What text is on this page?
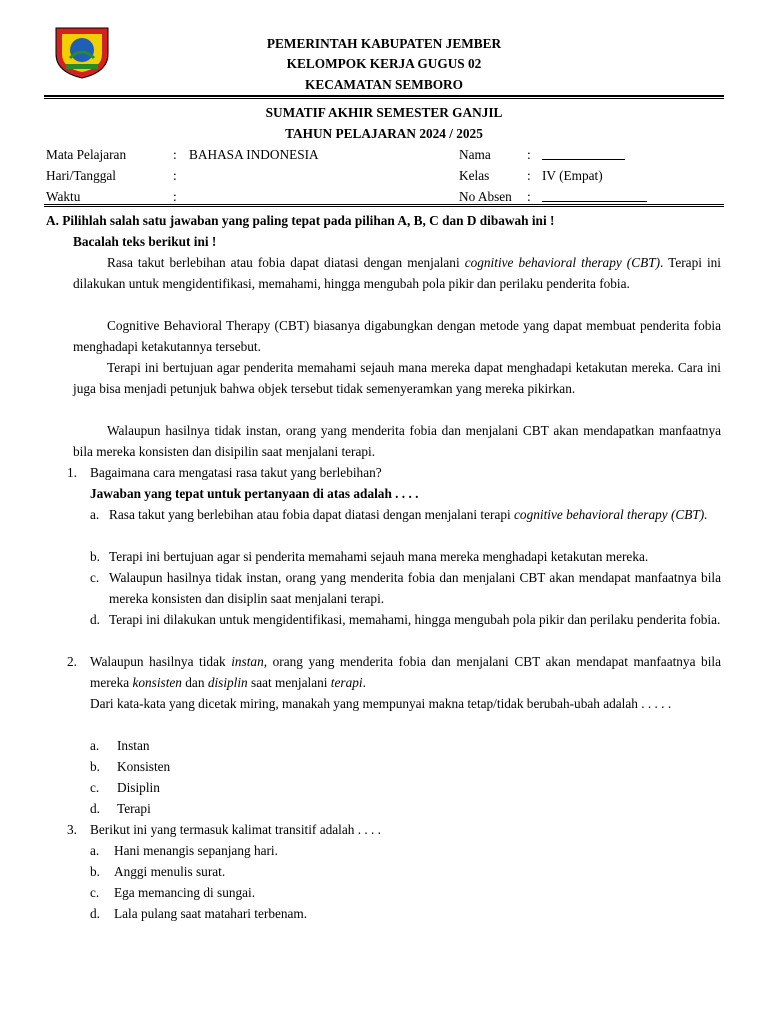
PEMERINTAH KABUPATEN JEMBER
KELOMPOK KERJA GUGUS 02
KECAMATAN SEMBORO
SUMATIF AKHIR SEMESTER GANJIL
TAHUN PELAJARAN 2024 / 2025
Mata Pelajaran	: BAHASA INDONESIA
Hari/Tanggal	:
Waktu	:
Nama	:
Kelas	: IV (Empat)
No Absen :
A. Pilihlah salah satu jawaban yang paling tepat pada pilihan A, B, C dan D dibawah ini !
Bacalah teks berikut ini !
Rasa takut berlebihan atau fobia dapat diatasi dengan menjalani cognitive behavioral therapy (CBT). Terapi ini dilakukan untuk mengidentifikasi, memahami, hingga mengubah pola pikir dan perilaku penderita fobia.
Cognitive Behavioral Therapy (CBT) biasanya digabungkan dengan metode yang dapat membuat penderita fobia menghadapi ketakutannya tersebut.
Terapi ini bertujuan agar penderita memahami sejauh mana mereka dapat menghadapi ketakutan mereka. Cara ini juga bisa menjadi petunjuk bahwa objek tersebut tidak semenyeramkan yang mereka pikirkan.
Walaupun hasilnya tidak instan, orang yang menderita fobia dan menjalani CBT akan mendapatkan manfaatnya bila mereka konsisten dan disipilin saat menjalani terapi.
1. Bagaimana cara mengatasi rasa takut yang berlebihan?
Jawaban yang tepat untuk pertanyaan di atas adalah . . . .
a. Rasa takut yang berlebihan atau fobia dapat diatasi dengan menjalani terapi cognitive behavioral therapy (CBT).
b. Terapi ini bertujuan agar si penderita memahami sejauh mana mereka menghadapi ketakutan mereka.
c. Walaupun hasilnya tidak instan, orang yang menderita fobia dan menjalani CBT akan mendapat manfaatnya bila mereka konsisten dan disiplin saat menjalani terapi.
d. Terapi ini dilakukan untuk mengidentifikasi, memahami, hingga mengubah pola pikir dan perilaku penderita fobia.
2. Walaupun hasilnya tidak instan, orang yang menderita fobia dan menjalani CBT akan mendapat manfaatnya bila mereka konsisten dan disiplin saat menjalani terapi.
Dari kata-kata yang dicetak miring, manakah yang mempunyai makna tetap/tidak berubah-ubah adalah . . . . .
a. Instan
b. Konsisten
c. Disiplin
d. Terapi
3. Berikut ini yang termasuk kalimat transitif adalah . . . .
a. Hani menangis sepanjang hari.
b. Anggi menulis surat.
c. Ega memancing di sungai.
d. Lala pulang saat matahari terbenam.
